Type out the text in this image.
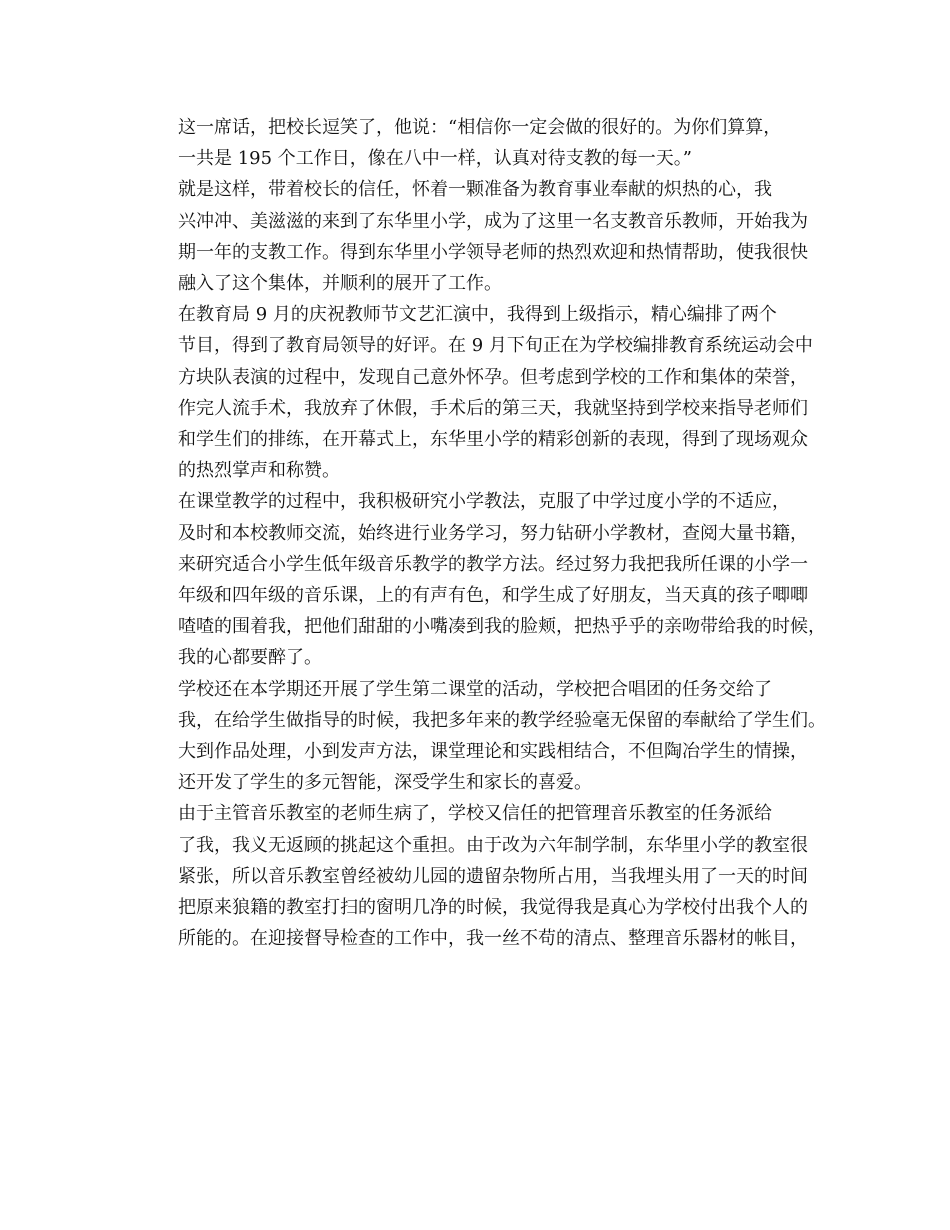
这一席话，把校长逗笑了，他说：“相信你一定会做的很好的。为你们算算，
一共是 195 个工作日，像在八中一样，认真对待支教的每一天。”

就是这样，带着校长的信任，怀着一颗准备为教育事业奉献的炽热的心，我
兴冲冲、美滋滋的来到了东华里小学，成为了这里一名支教音乐教师，开始我为
期一年的支教工作。得到东华里小学领导老师的热烈欢迎和热情帮助，使我很快
融入了这个集体，并顺利的展开了工作。

在教育局 9 月的庆祝教师节文艺汇演中，我得到上级指示，精心编排了两个
节目，得到了教育局领导的好评。在 9 月下旬正在为学校编排教育系统运动会中
方块队表演的过程中，发现自己意外怀孕。但考虑到学校的工作和集体的荣誉，
作完人流手术，我放弃了休假，手术后的第三天，我就坚持到学校来指导老师们
和学生们的排练，在开幕式上，东华里小学的精彩创新的表现，得到了现场观众
的热烈掌声和称赞。

在课堂教学的过程中，我积极研究小学教法，克服了中学过度小学的不适应，
及时和本校教师交流，始终进行业务学习，努力钻研小学教材，查阅大量书籍，
来研究适合小学生低年级音乐教学的教学方法。经过努力我把我所任课的小学一
年级和四年级的音乐课，上的有声有色，和学生成了好朋友，当天真的孩子唧唧
喳喳的围着我，把他们甜甜的小嘴凑到我的脸颊，把热乎乎的亲吻带给我的时候，
我的心都要醉了。

学校还在本学期还开展了学生第二课堂的活动，学校把合唱团的任务交给了
我，在给学生做指导的时候，我把多年来的教学经验毫无保留的奉献给了学生们。
大到作品处理，小到发声方法，课堂理论和实践相结合，不但陶冶学生的情操，
还开发了学生的多元智能，深受学生和家长的喜爱。

由于主管音乐教室的老师生病了，学校又信任的把管理音乐教室的任务派给
了我，我义无返顾的挑起这个重担。由于改为六年制学制，东华里小学的教室很
紧张，所以音乐教室曾经被幼儿园的遗留杂物所占用，当我埋头用了一天的时间
把原来狼籍的教室打扫的窗明几净的时候，我觉得我是真心为学校付出我个人的
所能的。在迎接督导检查的工作中，我一丝不苟的清点、整理音乐器材的帐目，
